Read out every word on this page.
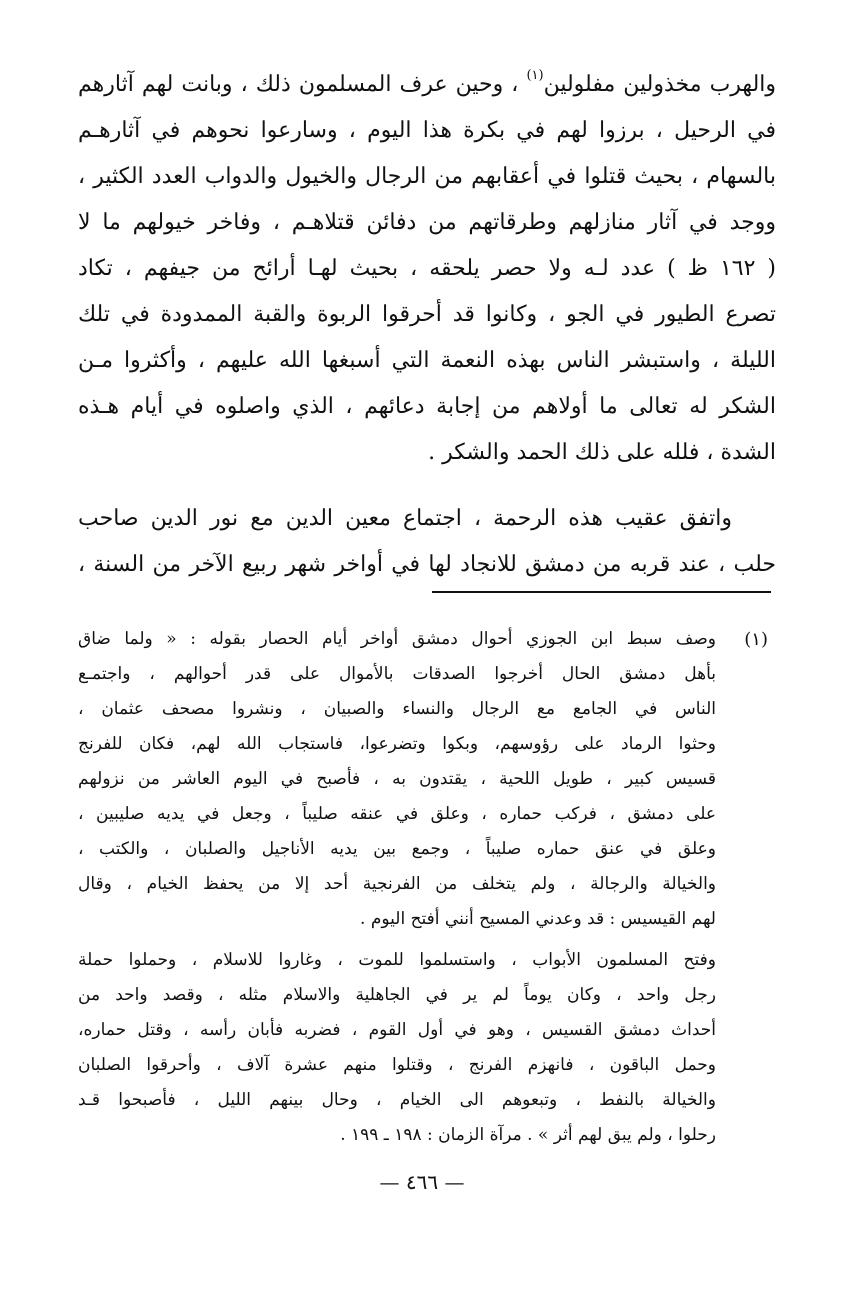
والهرب مخذولين مفلولين$^{(١)}$ ، وحين عرف المسلمون ذلك ، وبانت لهم آثارهم
في الرحيل ، برزوا لهم في بكرة هذا اليوم ، وسارعوا نحوهم في آثارهـم
بالسهام ، بحيث قتلوا في أعقابهم من الرجال والخيول والدواب العدد الكثير ،
ووجد في آثار منازلهم وطرقاتهم من دفائن قتلاهـم ، وفاخر خيولهم ما لا
( ١٦٢ ظ ) عدد لـه ولا حصر يلحقه ، بحيث لهـا أرائح من جيفهم ، تكاد
تصرع الطيور في الجو ، وكانوا قد أحرقوا الربوة والقبة الممدودة في تلك
الليلة ، واستبشر الناس بهذه النعمة التي أسبغها الله عليهم ، وأكثروا مـن
الشكر له تعالى ما أولاهم من إجابة دعائهم ، الذي واصلوه في أيام هـذه
الشدة ، فلله على ذلك الحمد والشكر .
واتفق عقيب هذه الرحمة ، اجتماع معين الدين مع نور الدين صاحب
حلب ، عند قربه من دمشق للانجاد لها في أواخر شهر ربيع الآخر من السنة ،
(١)
وصف سبط ابن الجوزي أحوال دمشق أواخر أيام الحصار بقوله : « ولما ضاق
بأهل دمشق الحال أخرجوا الصدقات بالأموال على قدر أحوالهم ، واجتمـع
الناس في الجامع مع الرجال والنساء والصبيان ، ونشروا مصحف عثمان ،
وحثوا الرماد على رؤوسهم، وبكوا وتضرعوا، فاستجاب الله لهم، فكان للفرنج
قسيس كبير ، طويل اللحية ، يقتدون به ، فأصبح في اليوم العاشر من نزولهم
على دمشق ، فركب حماره ، وعلق في عنقه صليباً ، وجعل في يديه صليبين ،
وعلق في عنق حماره صليباً ، وجمع بين يديه الأناجيل والصلبان ، والكتب ،
والخيالة والرجالة ، ولم يتخلف من الفرنجية أحد إلا من يحفظ الخيام ، وقال
لهم القيسيس : قد وعدني المسيح أنني أفتح اليوم .
وفتح المسلمون الأبواب ، واستسلموا للموت ، وغاروا للاسلام ، وحملوا حملة
رجل واحد ، وكان يوماً لم ير في الجاهلية والاسلام مثله ، وقصد واحد من
أحداث دمشق القسيس ، وهو في أول القوم ، فضربه فأبان رأسه ، وقتل حماره،
وحمل الباقون ، فانهزم الفرنج ، وقتلوا منهم عشرة آلاف ، وأحرقوا الصلبان
والخيالة بالنفط ، وتبعوهم الى الخيام ، وحال بينهم الليل ، فأصبحوا قـد
رحلوا ، ولم يبق لهم أثر » . مرآة الزمان : ١٩٨ ـ ١٩٩ .
— ٤٦٦ —
